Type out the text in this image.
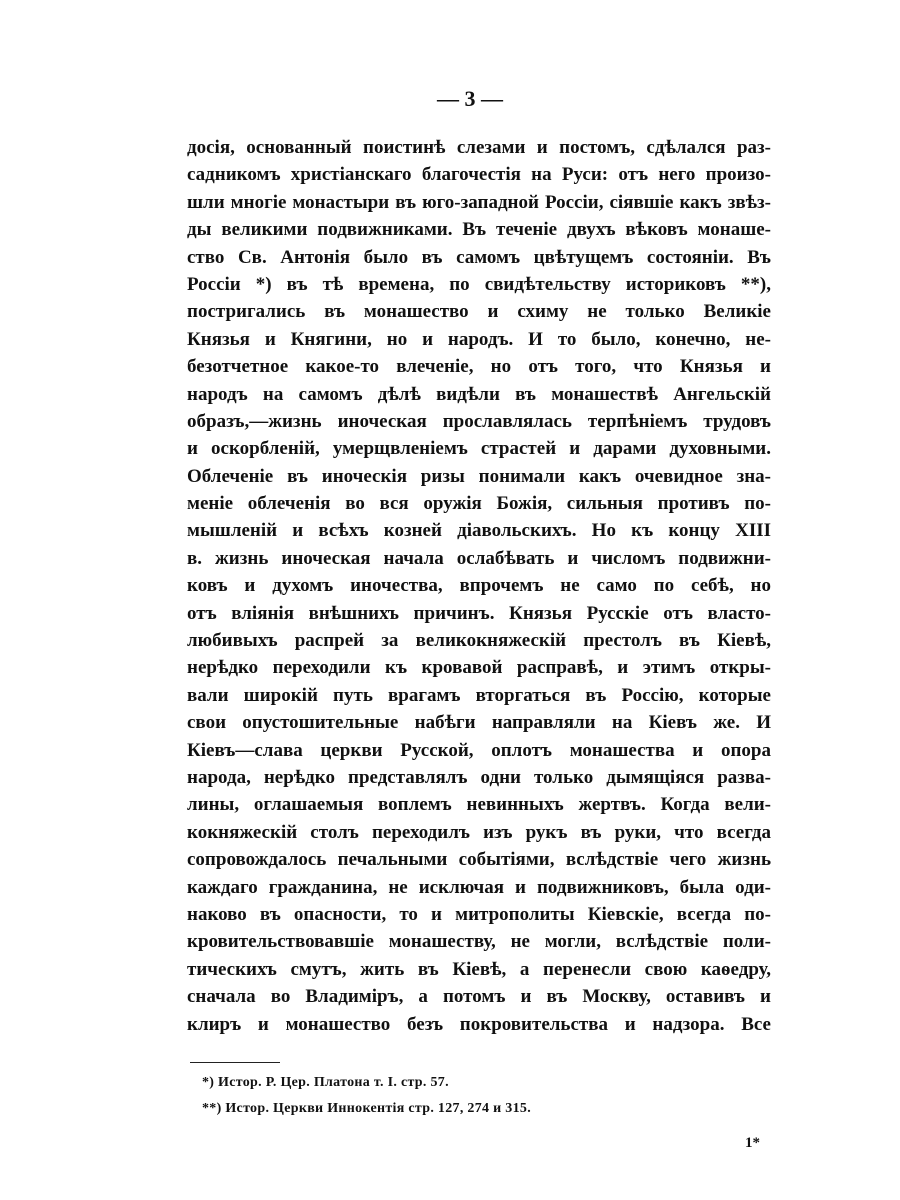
— 3 —
досія, основанный поистинѣ слезами и постомъ, сдѣлался раз-
садникомъ христіанскаго благочестія на Руси: отъ него произо-
шли многіе монастыри въ юго-западной Россіи, сіявшіе какъ звѣз-
ды великими подвижниками. Въ теченіе двухъ вѣковъ монаше-
ство Св. Антонія было въ самомъ цвѣтущемъ состояніи. Въ
Россіи *) въ тѣ времена, по свидѣтельству историковъ **),
постригались въ монашество и схиму не только Великіе
Князья и Княгини, но и народъ. И то было, конечно, не-
безотчетное какое-то влеченіе, но отъ того, что Князья и
народъ на самомъ дѣлѣ видѣли въ монашествѣ Ангельскій
образъ,—жизнь иноческая прославлялась терпѣніемъ трудовъ
и оскорбленій, умерщвленіемъ страстей и дарами духовными.
Облеченіе въ иноческія ризы понимали какъ очевидное зна-
меніе облеченія во вся оружія Божія, сильныя противъ по-
мышленій и всѣхъ козней діавольскихъ. Но къ концу XIII
в. жизнь иноческая начала ослабѣвать и числомъ подвижни-
ковъ и духомъ иночества, впрочемъ не само по себѣ, но
отъ вліянія внѣшнихъ причинъ. Князья Русскіе отъ власто-
любивыхъ распрей за великокняжескій престолъ въ Кіевѣ,
нерѣдко переходили къ кровавой расправѣ, и этимъ откры-
вали широкій путь врагамъ вторгаться въ Россію, которые
свои опустошительные набѣги направляли на Кіевъ же. И
Кіевъ—слава церкви Русской, оплотъ монашества и опора
народа, нерѣдко представлялъ одни только дымящіяся разва-
лины, оглашаемыя воплемъ невинныхъ жертвъ. Когда вели-
кокняжескій столъ переходилъ изъ рукъ въ руки, что всегда
сопровождалось печальными событіями, вслѣдствіе чего жизнь
каждаго гражданина, не исключая и подвижниковъ, была оди-
наково въ опасности, то и митрополиты Кіевскіе, всегда по-
кровительствовавшіе монашеству, не могли, вслѣдствіе поли-
тическихъ смутъ, жить въ Кіевѣ, а перенесли свою каѳедру,
сначала во Владиміръ, а потомъ и въ Москву, оставивъ и
клиръ и монашество безъ покровительства и надзора. Все
*) Истор. Р. Цер. Платона т. I. стр. 57.
**) Истор. Церкви Иннокентія стр. 127, 274 и 315.
1*
